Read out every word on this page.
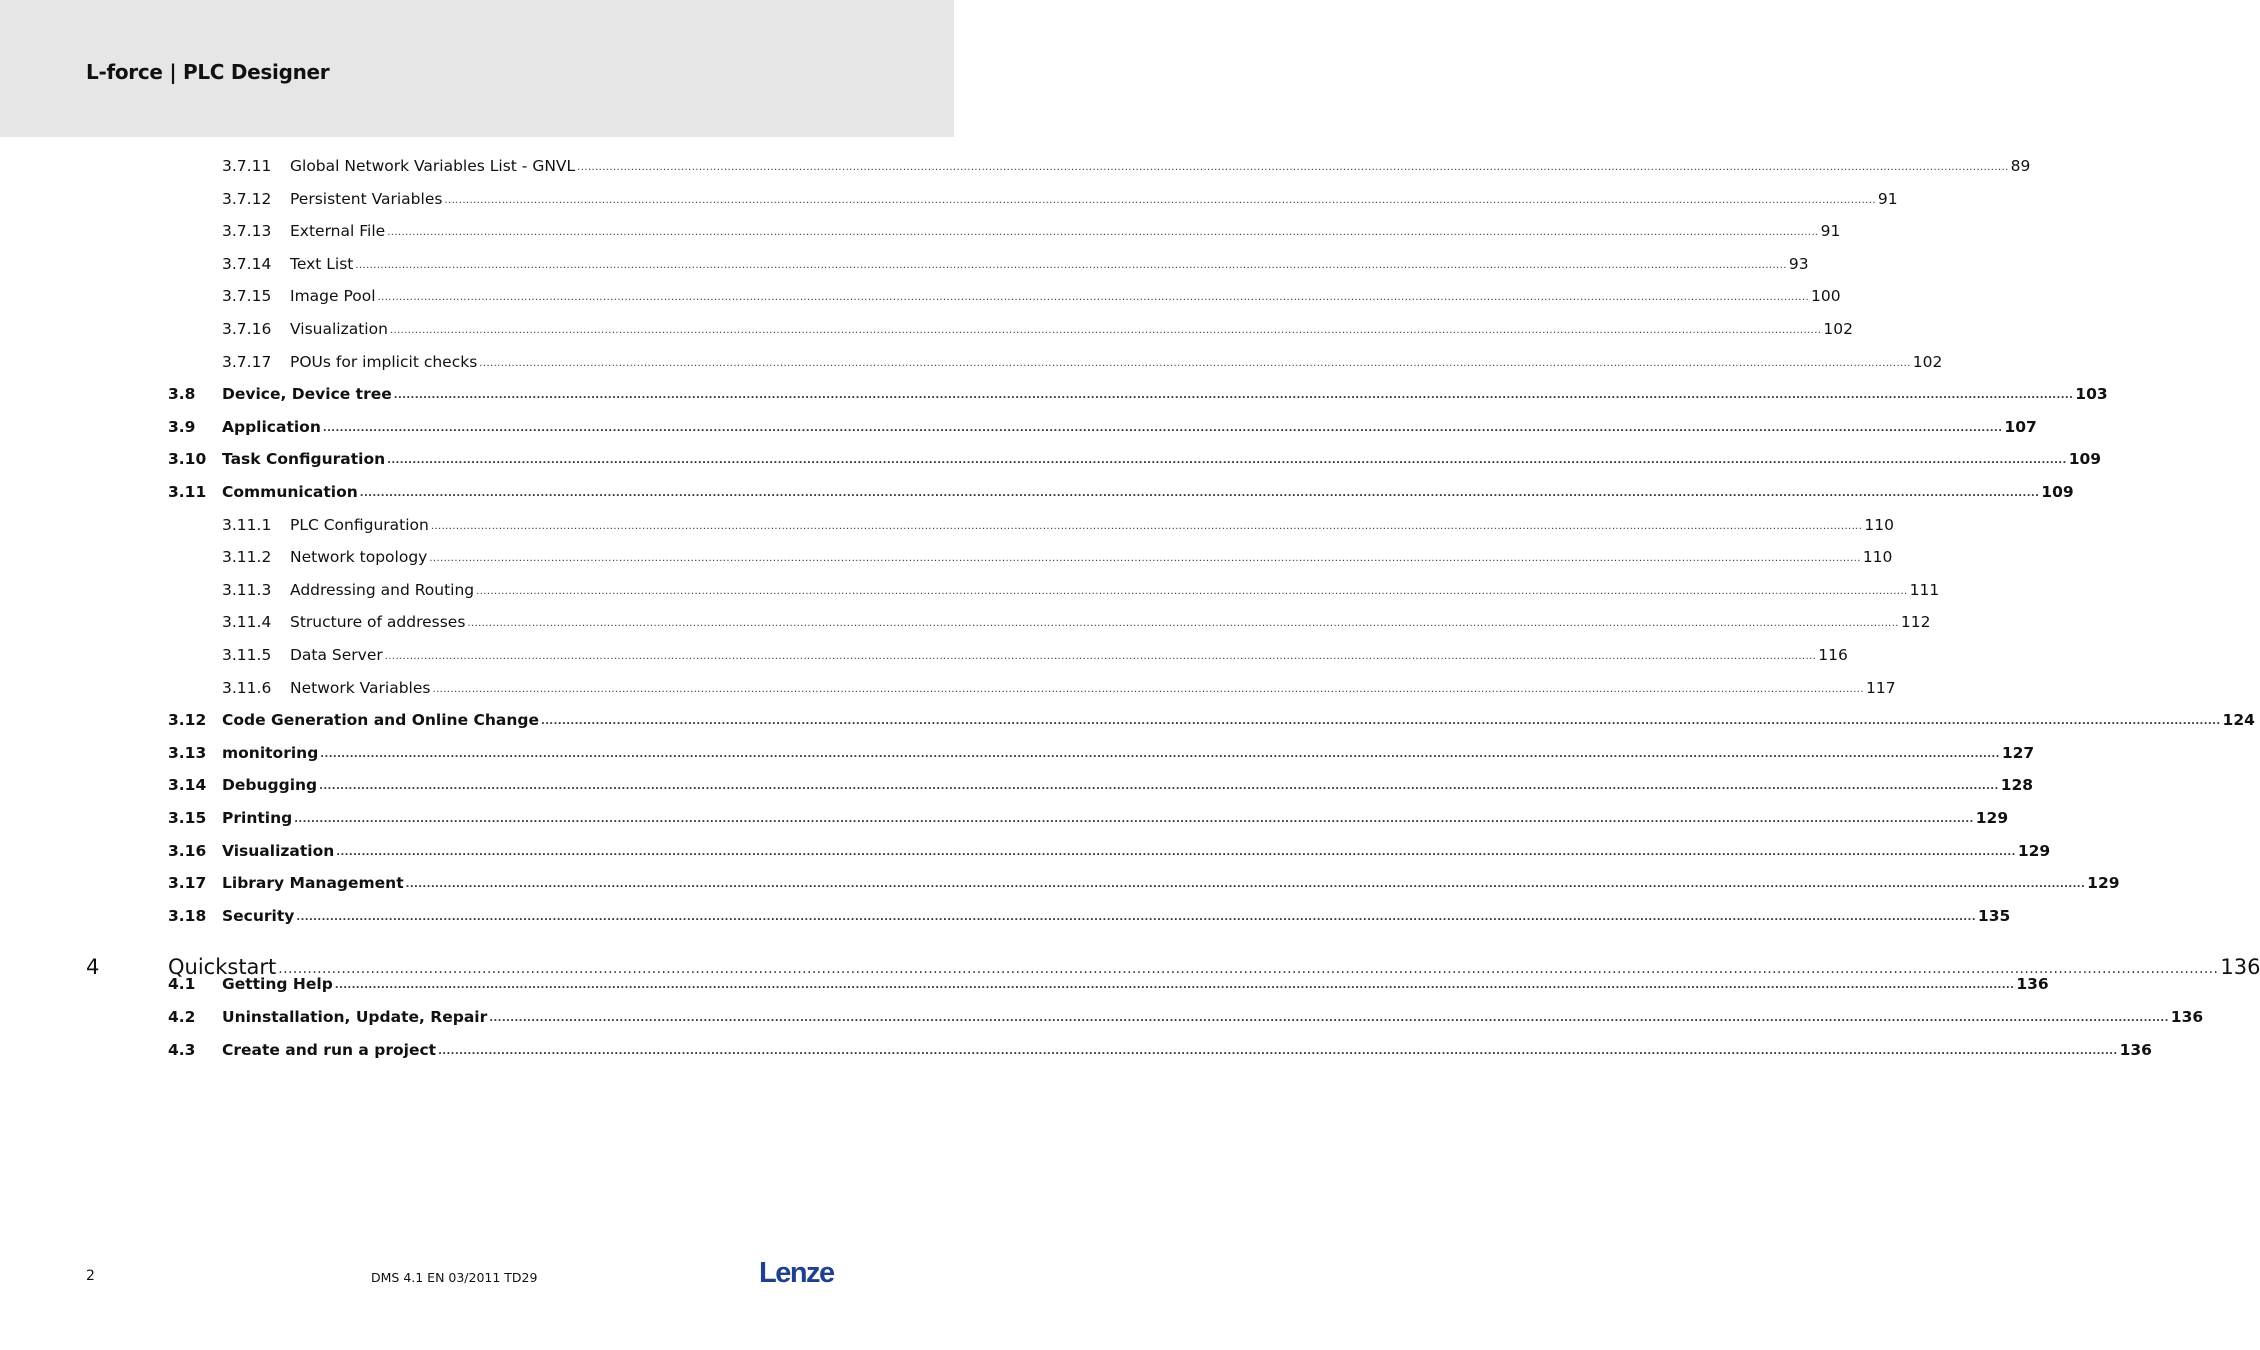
L-force | PLC Designer
3.7.11 Global Network Variables List - GNVL ................................................................................................................................................................................................................................................................................................................................................................................................................ 89
3.7.12 Persistent Variables ................................................................................................................................................................................................................................................................................................................................................................................................................ 91
3.7.13 External File ................................................................................................................................................................................................................................................................................................................................................................................................................ 91
3.7.14 Text List ................................................................................................................................................................................................................................................................................................................................................................................................................ 93
3.7.15 Image Pool ................................................................................................................................................................................................................................................................................................................................................................................................................ 100
3.7.16 Visualization ................................................................................................................................................................................................................................................................................................................................................................................................................ 102
3.7.17 POUs for implicit checks ................................................................................................................................................................................................................................................................................................................................................................................................................ 102
3.8 Device, Device tree ................................................................................................................................................................................................................................................................................................................................................................................................................ 103
3.9 Application ................................................................................................................................................................................................................................................................................................................................................................................................................ 107
3.10 Task Configuration ................................................................................................................................................................................................................................................................................................................................................................................................................ 109
3.11 Communication ................................................................................................................................................................................................................................................................................................................................................................................................................ 109
3.11.1 PLC Configuration ................................................................................................................................................................................................................................................................................................................................................................................................................ 110
3.11.2 Network topology ................................................................................................................................................................................................................................................................................................................................................................................................................ 110
3.11.3 Addressing and Routing ................................................................................................................................................................................................................................................................................................................................................................................................................ 111
3.11.4 Structure of addresses ................................................................................................................................................................................................................................................................................................................................................................................................................ 112
3.11.5 Data Server ................................................................................................................................................................................................................................................................................................................................................................................................................ 116
3.11.6 Network Variables ................................................................................................................................................................................................................................................................................................................................................................................................................ 117
3.12 Code Generation and Online Change ................................................................................................................................................................................................................................................................................................................................................................................................................ 124
3.13 monitoring ................................................................................................................................................................................................................................................................................................................................................................................................................ 127
3.14 Debugging ................................................................................................................................................................................................................................................................................................................................................................................................................ 128
3.15 Printing ................................................................................................................................................................................................................................................................................................................................................................................................................ 129
3.16 Visualization ................................................................................................................................................................................................................................................................................................................................................................................................................ 129
3.17 Library Management ................................................................................................................................................................................................................................................................................................................................................................................................................ 129
3.18 Security ................................................................................................................................................................................................................................................................................................................................................................................................................ 135
4	Quickstart ................................................................................................................................................................................................................................................................................................................................................................................................................ 136
4.1 Getting Help ................................................................................................................................................................................................................................................................................................................................................................................................................ 136
4.2 Uninstallation, Update, Repair ................................................................................................................................................................................................................................................................................................................................................................................................................ 136
4.3 Create and run a project ................................................................................................................................................................................................................................................................................................................................................................................................................ 136
2	DMS 4.1 EN 03/2011 TD29	Lenze
